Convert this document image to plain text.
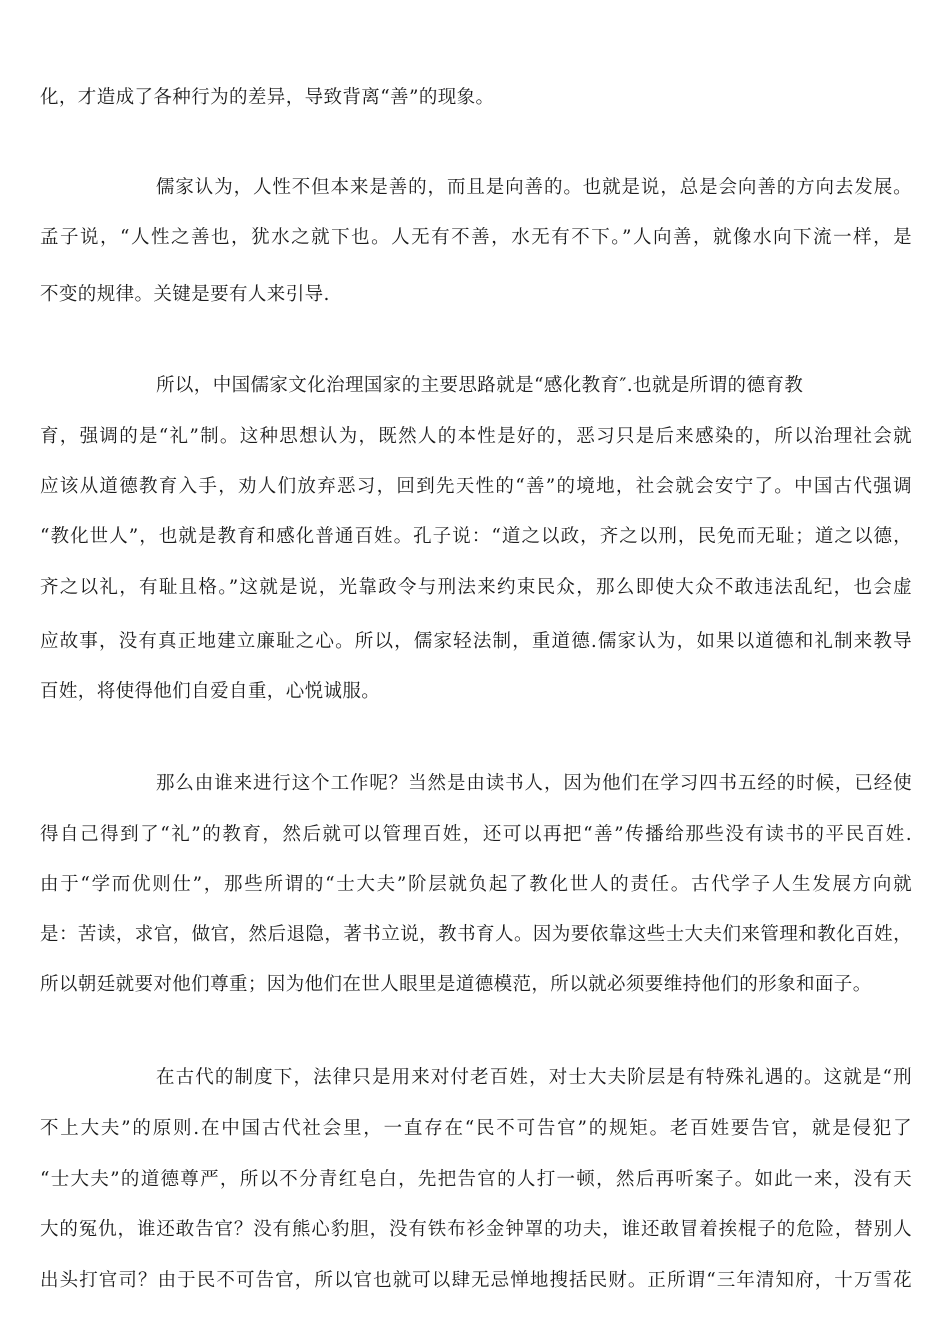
化，才造成了各种行为的差异，导致背离“善”的现象。
儒家认为，人性不但本来是善的，而且是向善的。也就是说，总是会向善的方向去发展。
孟子说，“人性之善也，犹水之就下也。人无有不善，水无有不下。”人向善，就像水向下流一样，是
不变的规律。关键是要有人来引导.
所以，中国儒家文化治理国家的主要思路就是“感化教育″.也就是所谓的德育教
育，强调的是“礼”制。这种思想认为，既然人的本性是好的，恶习只是后来感染的，所以治理社会就
应该从道德教育入手，劝人们放弃恶习，回到先天性的“善”的境地，社会就会安宁了。中国古代强调
“教化世人”，也就是教育和感化普通百姓。孔子说：“道之以政，齐之以刑，民免而无耻；道之以德，
齐之以礼，有耻且格。”这就是说，光靠政令与刑法来约束民众，那么即使大众不敢违法乱纪，也会虚
应故事，没有真正地建立廉耻之心。所以，儒家轻法制，重道德.儒家认为，如果以道德和礼制来教导
百姓，将使得他们自爱自重，心悦诚服。
那么由谁来进行这个工作呢？当然是由读书人，因为他们在学习四书五经的时候，已经使
得自己得到了“礼”的教育，然后就可以管理百姓，还可以再把“善”传播给那些没有读书的平民百姓.
由于“学而优则仕”，那些所谓的“士大夫”阶层就负起了教化世人的责任。古代学子人生发展方向就
是：苦读，求官，做官，然后退隐，著书立说，教书育人。因为要依靠这些士大夫们来管理和教化百姓，
所以朝廷就要对他们尊重；因为他们在世人眼里是道德模范，所以就必须要维持他们的形象和面子。
在古代的制度下，法律只是用来对付老百姓，对士大夫阶层是有特殊礼遇的。这就是“刑
不上大夫”的原则.在中国古代社会里，一直存在“民不可告官”的规矩。老百姓要告官，就是侵犯了
“士大夫”的道德尊严，所以不分青红皂白，先把告官的人打一顿，然后再听案子。如此一来，没有天
大的冤仇，谁还敢告官？没有熊心豹胆，没有铁布衫金钟罩的功夫，谁还敢冒着挨棍子的危险，替别人
出头打官司？由于民不可告官，所以官也就可以肆无忌惮地搜括民财。正所谓“三年清知府，十万雪花
